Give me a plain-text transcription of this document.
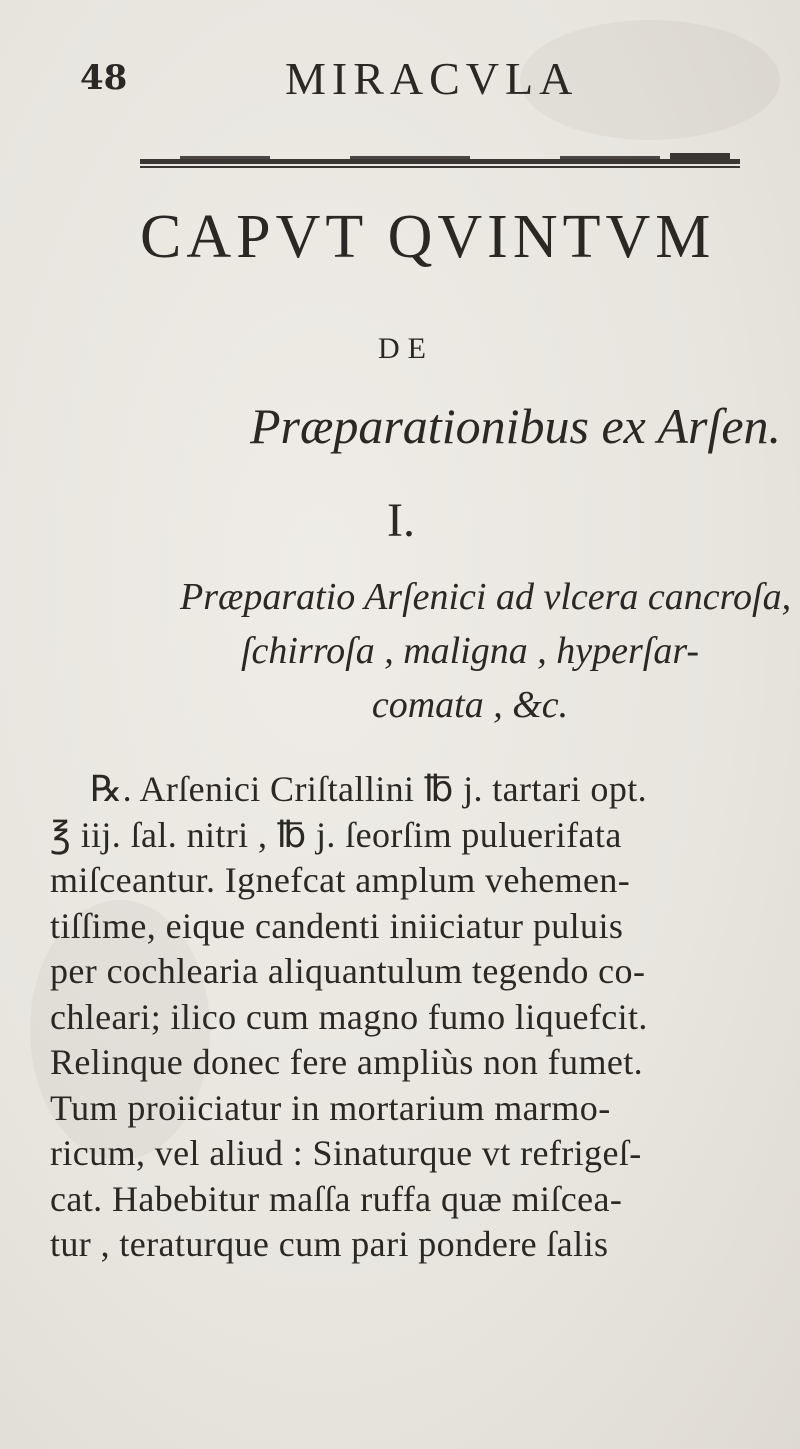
48	MIRACVLA
CAPVT QVINTVM
DE
Præparationibus ex Arſen.
I.
Præparatio Arſenici ad vlcera cancroſa,
ſchirroſa , maligna , hyperſar-
comata , &c.
℞. Arſenici Criſtallini ℔ j. tartari opt.
℥ iij. ſal. nitri , ℔ j. ſeorſim puluerifata
miſceantur. Ignefcat amplum vehemen-
tiſſime, eique candenti iniiciatur puluis
per cochlearia aliquantulum tegendo co-
chleari; ilico cum magno fumo liquefcit.
Relinque donec fere ampliùs non fumet.
Tum proiiciatur in mortarium marmo-
ricum, vel aliud : Sinaturque vt refrigeſ-
cat. Habebitur maſſa ruffa quæ miſcea-
tur , teraturque cum pari pondere ſalis
